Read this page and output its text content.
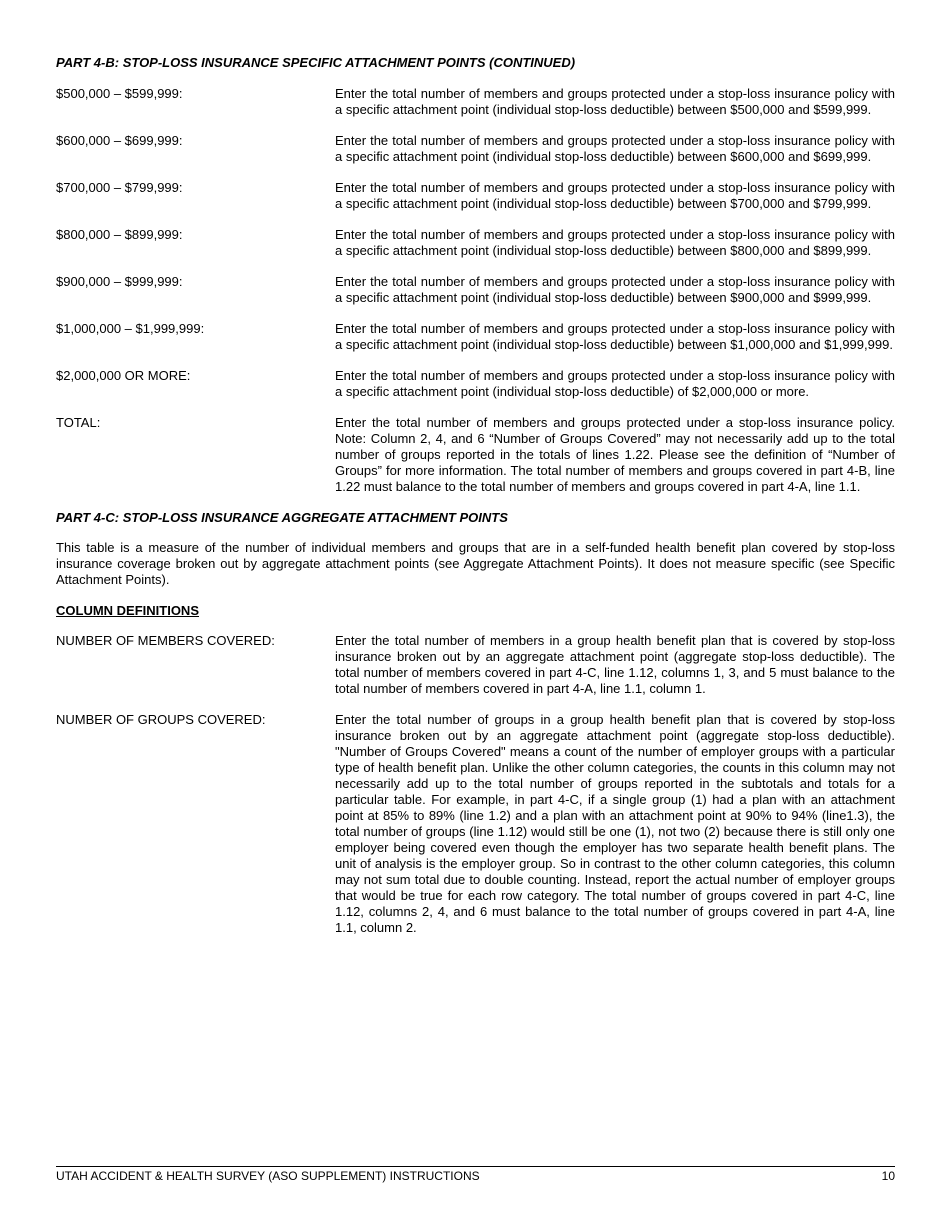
PART 4-B: STOP-LOSS INSURANCE SPECIFIC ATTACHMENT POINTS (CONTINUED)

$500,000 – $599,999:	Enter the total number of members and groups protected under a stop-loss insurance policy with a specific attachment point (individual stop-loss deductible) between $500,000 and $599,999.
$600,000 – $699,999:	Enter the total number of members and groups protected under a stop-loss insurance policy with a specific attachment point (individual stop-loss deductible) between $600,000 and $699,999.
$700,000 – $799,999:	Enter the total number of members and groups protected under a stop-loss insurance policy with a specific attachment point (individual stop-loss deductible) between $700,000 and $799,999.
$800,000 – $899,999:	Enter the total number of members and groups protected under a stop-loss insurance policy with a specific attachment point (individual stop-loss deductible) between $800,000 and $899,999.
$900,000 – $999,999:	Enter the total number of members and groups protected under a stop-loss insurance policy with a specific attachment point (individual stop-loss deductible) between $900,000 and $999,999.
$1,000,000 – $1,999,999:	Enter the total number of members and groups protected under a stop-loss insurance policy with a specific attachment point (individual stop-loss deductible) between $1,000,000 and $1,999,999.
$2,000,000 OR MORE:	Enter the total number of members and groups protected under a stop-loss insurance policy with a specific attachment point (individual stop-loss deductible) of $2,000,000 or more.
TOTAL:	Enter the total number of members and groups protected under a stop-loss insurance policy. Note: Column 2, 4, and 6 “Number of Groups Covered” may not necessarily add up to the total number of groups reported in the totals of lines 1.22. Please see the definition of “Number of Groups” for more information. The total number of members and groups covered in part 4-B, line 1.22 must balance to the total number of members and groups covered in part 4-A, line 1.1.

PART 4-C: STOP-LOSS INSURANCE AGGREGATE ATTACHMENT POINTS

This table is a measure of the number of individual members and groups that are in a self-funded health benefit plan covered by stop-loss insurance coverage broken out by aggregate attachment points (see Aggregate Attachment Points). It does not measure specific (see Specific Attachment Points).

COLUMN DEFINITIONS

NUMBER OF MEMBERS COVERED:	Enter the total number of members in a group health benefit plan that is covered by stop-loss insurance broken out by an aggregate attachment point (aggregate stop-loss deductible). The total number of members covered in part 4-C, line 1.12, columns 1, 3, and 5 must balance to the total number of members covered in part 4-A, line 1.1, column 1.
NUMBER OF GROUPS COVERED:	Enter the total number of groups in a group health benefit plan that is covered by stop-loss insurance broken out by an aggregate attachment point (aggregate stop-loss deductible). "Number of Groups Covered" means a count of the number of employer groups with a particular type of health benefit plan. Unlike the other column categories, the counts in this column may not necessarily add up to the total number of groups reported in the subtotals and totals for a particular table. For example, in part 4-C, if a single group (1) had a plan with an attachment point at 85% to 89% (line 1.2) and a plan with an attachment point at 90% to 94% (line1.3), the total number of groups (line 1.12) would still be one (1), not two (2) because there is still only one employer being covered even though the employer has two separate health benefit plans. The unit of analysis is the employer group. So in contrast to the other column categories, this column may not sum total due to double counting. Instead, report the actual number of employer groups that would be true for each row category. The total number of groups covered in part 4-C, line 1.12, columns 2, 4, and 6 must balance to the total number of groups covered in part 4-A, line 1.1, column 2.
UTAH ACCIDENT & HEALTH SURVEY (ASO SUPPLEMENT) INSTRUCTIONS	10
